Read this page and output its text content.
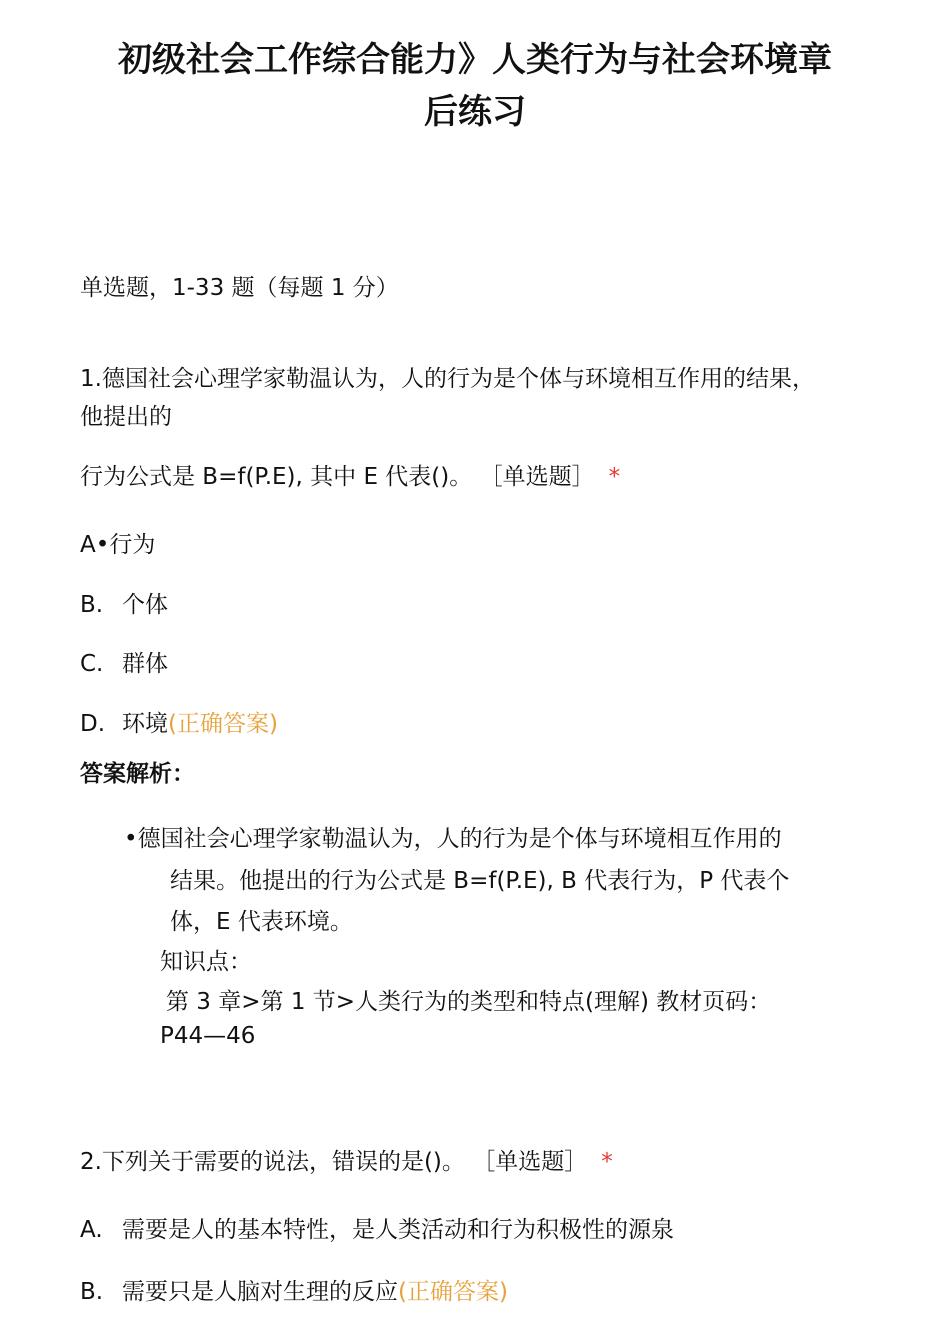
初级社会工作综合能力》人类行为与社会环境章
后练习
单选题，1-33 题（每题 1 分）
1.德国社会心理学家勒温认为，人的行为是个体与环境相互作用的结果，
他提出的
行为公式是 B=f(P.E), 其中 E 代表()。 ［单选题］ *
A•行为
B. 个体
C. 群体
D. 环境(正确答案)
答案解析：
•德国社会心理学家勒温认为，人的行为是个体与环境相互作用的
结果。他提出的行为公式是 B=f(P.E), B 代表行为，P 代表个
体，E 代表环境。
知识点：
第 3 章>第 1 节>人类行为的类型和特点(理解) 教材页码：
P44—46
2.下列关于需要的说法，错误的是()。 ［单选题］ *
A. 需要是人的基本特性，是人类活动和行为积极性的源泉
B. 需要只是人脑对生理的反应(正确答案)
